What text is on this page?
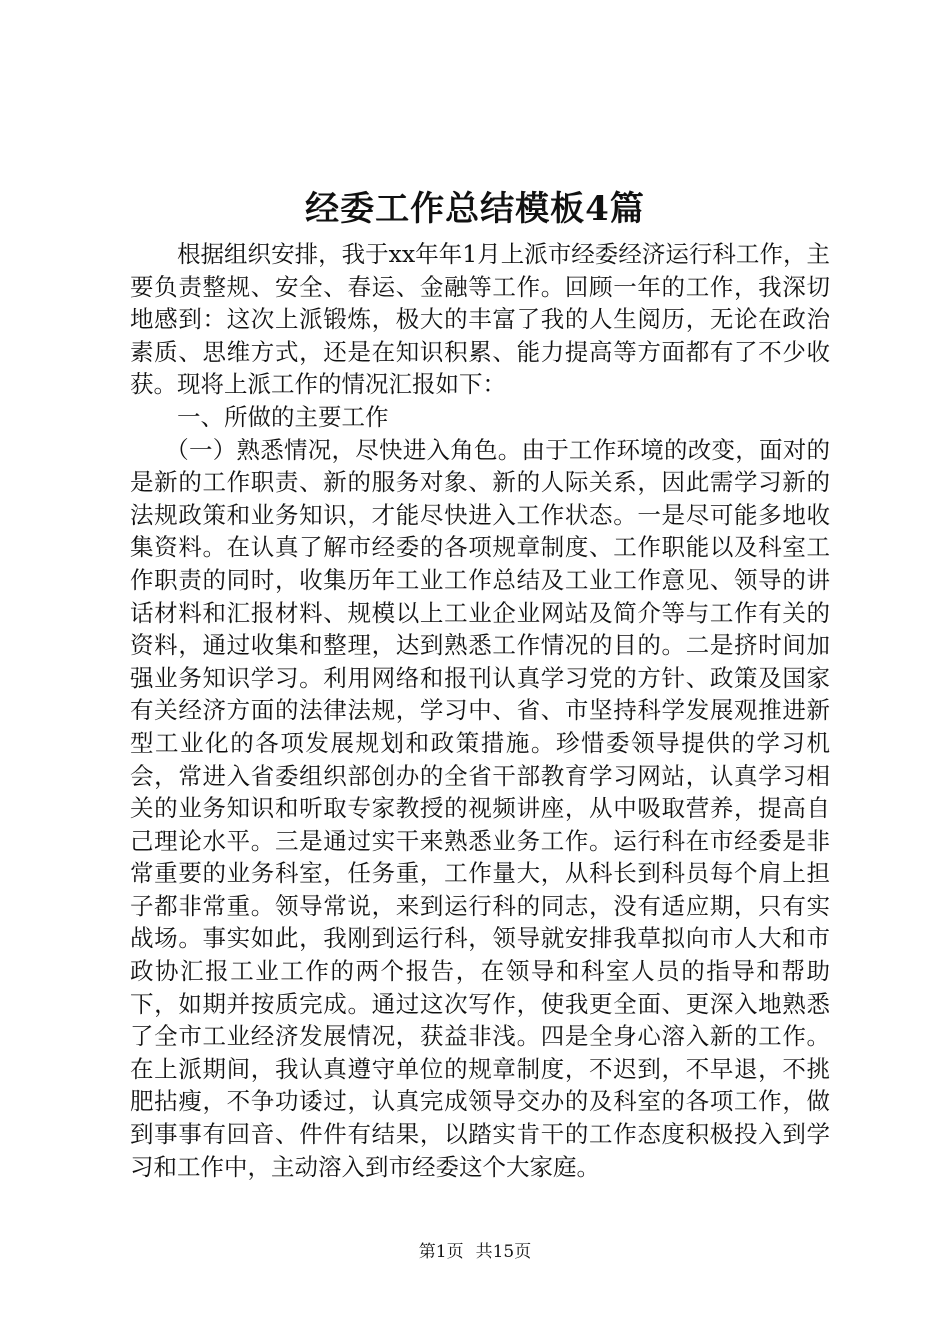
经委工作总结模板4篇

根据组织安排，我于xx年年1月上派市经委经济运行科工作，主要负责整规、安全、春运、金融等工作。回顾一年的工作，我深切地感到：这次上派锻炼，极大的丰富了我的人生阅历，无论在政治素质、思维方式，还是在知识积累、能力提高等方面都有了不少收获。现将上派工作的情况汇报如下：

一、所做的主要工作

（一）熟悉情况，尽快进入角色。由于工作环境的改变，面对的是新的工作职责、新的服务对象、新的人际关系，因此需学习新的法规政策和业务知识，才能尽快进入工作状态。一是尽可能多地收集资料。在认真了解市经委的各项规章制度、工作职能以及科室工作职责的同时，收集历年工业工作总结及工业工作意见、领导的讲话材料和汇报材料、规模以上工业企业网站及简介等与工作有关的资料，通过收集和整理，达到熟悉工作情况的目的。二是挤时间加强业务知识学习。利用网络和报刊认真学习党的方针、政策及国家有关经济方面的法律法规，学习中、省、市坚持科学发展观推进新型工业化的各项发展规划和政策措施。珍惜委领导提供的学习机会，常进入省委组织部创办的全省干部教育学习网站，认真学习相关的业务知识和听取专家教授的视频讲座，从中吸取营养，提高自己理论水平。三是通过实干来熟悉业务工作。运行科在市经委是非常重要的业务科室，任务重，工作量大，从科长到科员每个肩上担子都非常重。领导常说，来到运行科的同志，没有适应期，只有实战场。事实如此，我刚到运行科，领导就安排我草拟向市人大和市政协汇报工业工作的两个报告，在领导和科室人员的指导和帮助下，如期并按质完成。通过这次写作，使我更全面、更深入地熟悉了全市工业经济发展情况，获益非浅。四是全身心溶入新的工作。在上派期间，我认真遵守单位的规章制度，不迟到，不早退，不挑肥拈瘦，不争功诿过，认真完成领导交办的及科室的各项工作，做到事事有回音、件件有结果，以踏实肯干的工作态度积极投入到学习和工作中，主动溶入到市经委这个大家庭。

第1页 共15页
